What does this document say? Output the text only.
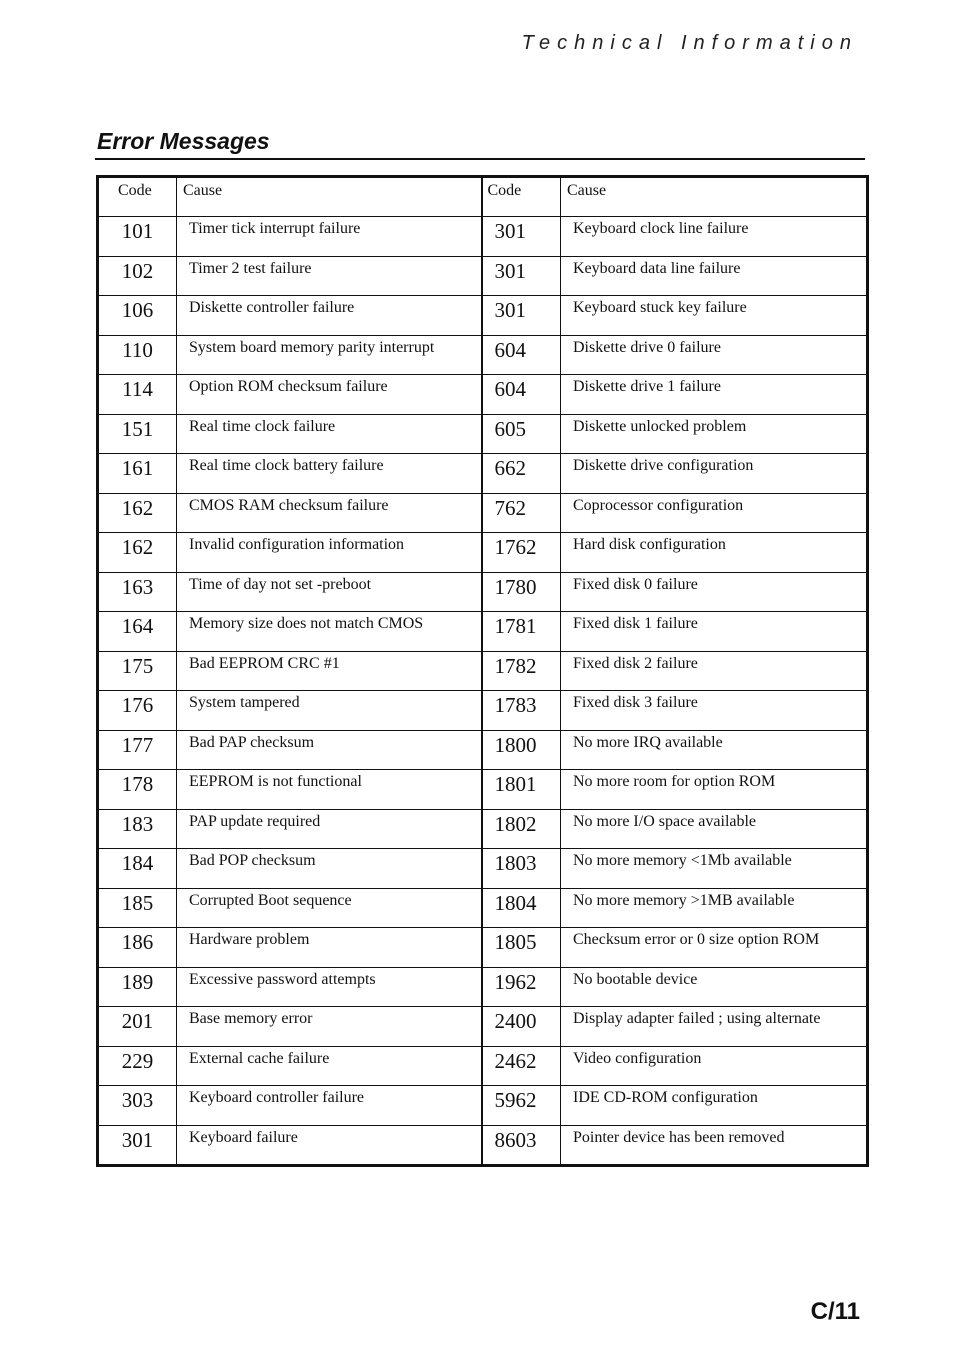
Technical Information
Error Messages
Code	Cause	Code	Cause
101	Timer tick interrupt failure	301	Keyboard clock line failure
102	Timer 2 test failure	301	Keyboard data line failure
106	Diskette controller failure	301	Keyboard stuck key failure
110	System board memory parity interrupt	604	Diskette drive 0 failure
114	Option ROM checksum failure	604	Diskette drive 1 failure
151	Real time clock failure	605	Diskette unlocked problem
161	Real time clock battery failure	662	Diskette drive configuration
162	CMOS RAM checksum failure	762	Coprocessor configuration
162	Invalid configuration information	1762	Hard disk configuration
163	Time of day not set -preboot	1780	Fixed disk 0 failure
164	Memory size does not match CMOS	1781	Fixed disk 1 failure
175	Bad EEPROM CRC #1	1782	Fixed disk 2 failure
176	System tampered	1783	Fixed disk 3 failure
177	Bad PAP checksum	1800	No more IRQ available
178	EEPROM is not functional	1801	No more room for option ROM
183	PAP update required	1802	No more I/O space available
184	Bad POP checksum	1803	No more memory <1Mb available
185	Corrupted Boot sequence	1804	No more memory >1MB available
186	Hardware problem	1805	Checksum error or 0 size option ROM
189	Excessive password attempts	1962	No bootable device
201	Base memory error	2400	Display adapter failed ; using alternate
229	External cache failure	2462	Video configuration
303	Keyboard controller failure	5962	IDE CD-ROM configuration
301	Keyboard failure	8603	Pointer device has been removed
C/11
